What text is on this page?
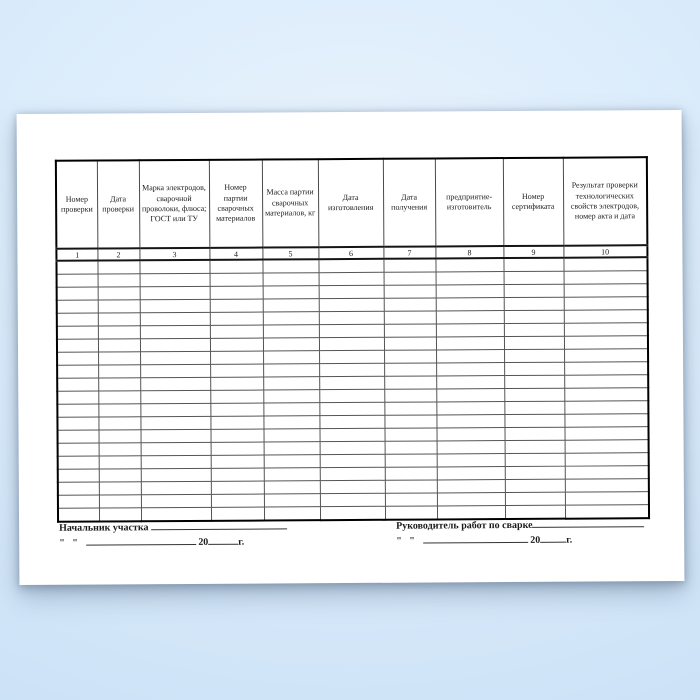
Номер проверки	Дата проверки	Марка электродов, сварочной проволоки, флюса; ГОСТ или ТУ	Номер партии сварочных материалов	Масса партии сварочных материалов, кг	Дата изготовления	Дата получения	предприятие-изготовитель	Номер сертификата	Результат проверки технологических свойств электродов, номер акта и дата
1	2	3	4	5	6	7	8	9	10

Начальник участка
"   "	20	г.
Руководитель работ по сварке
"   "	20	г.
